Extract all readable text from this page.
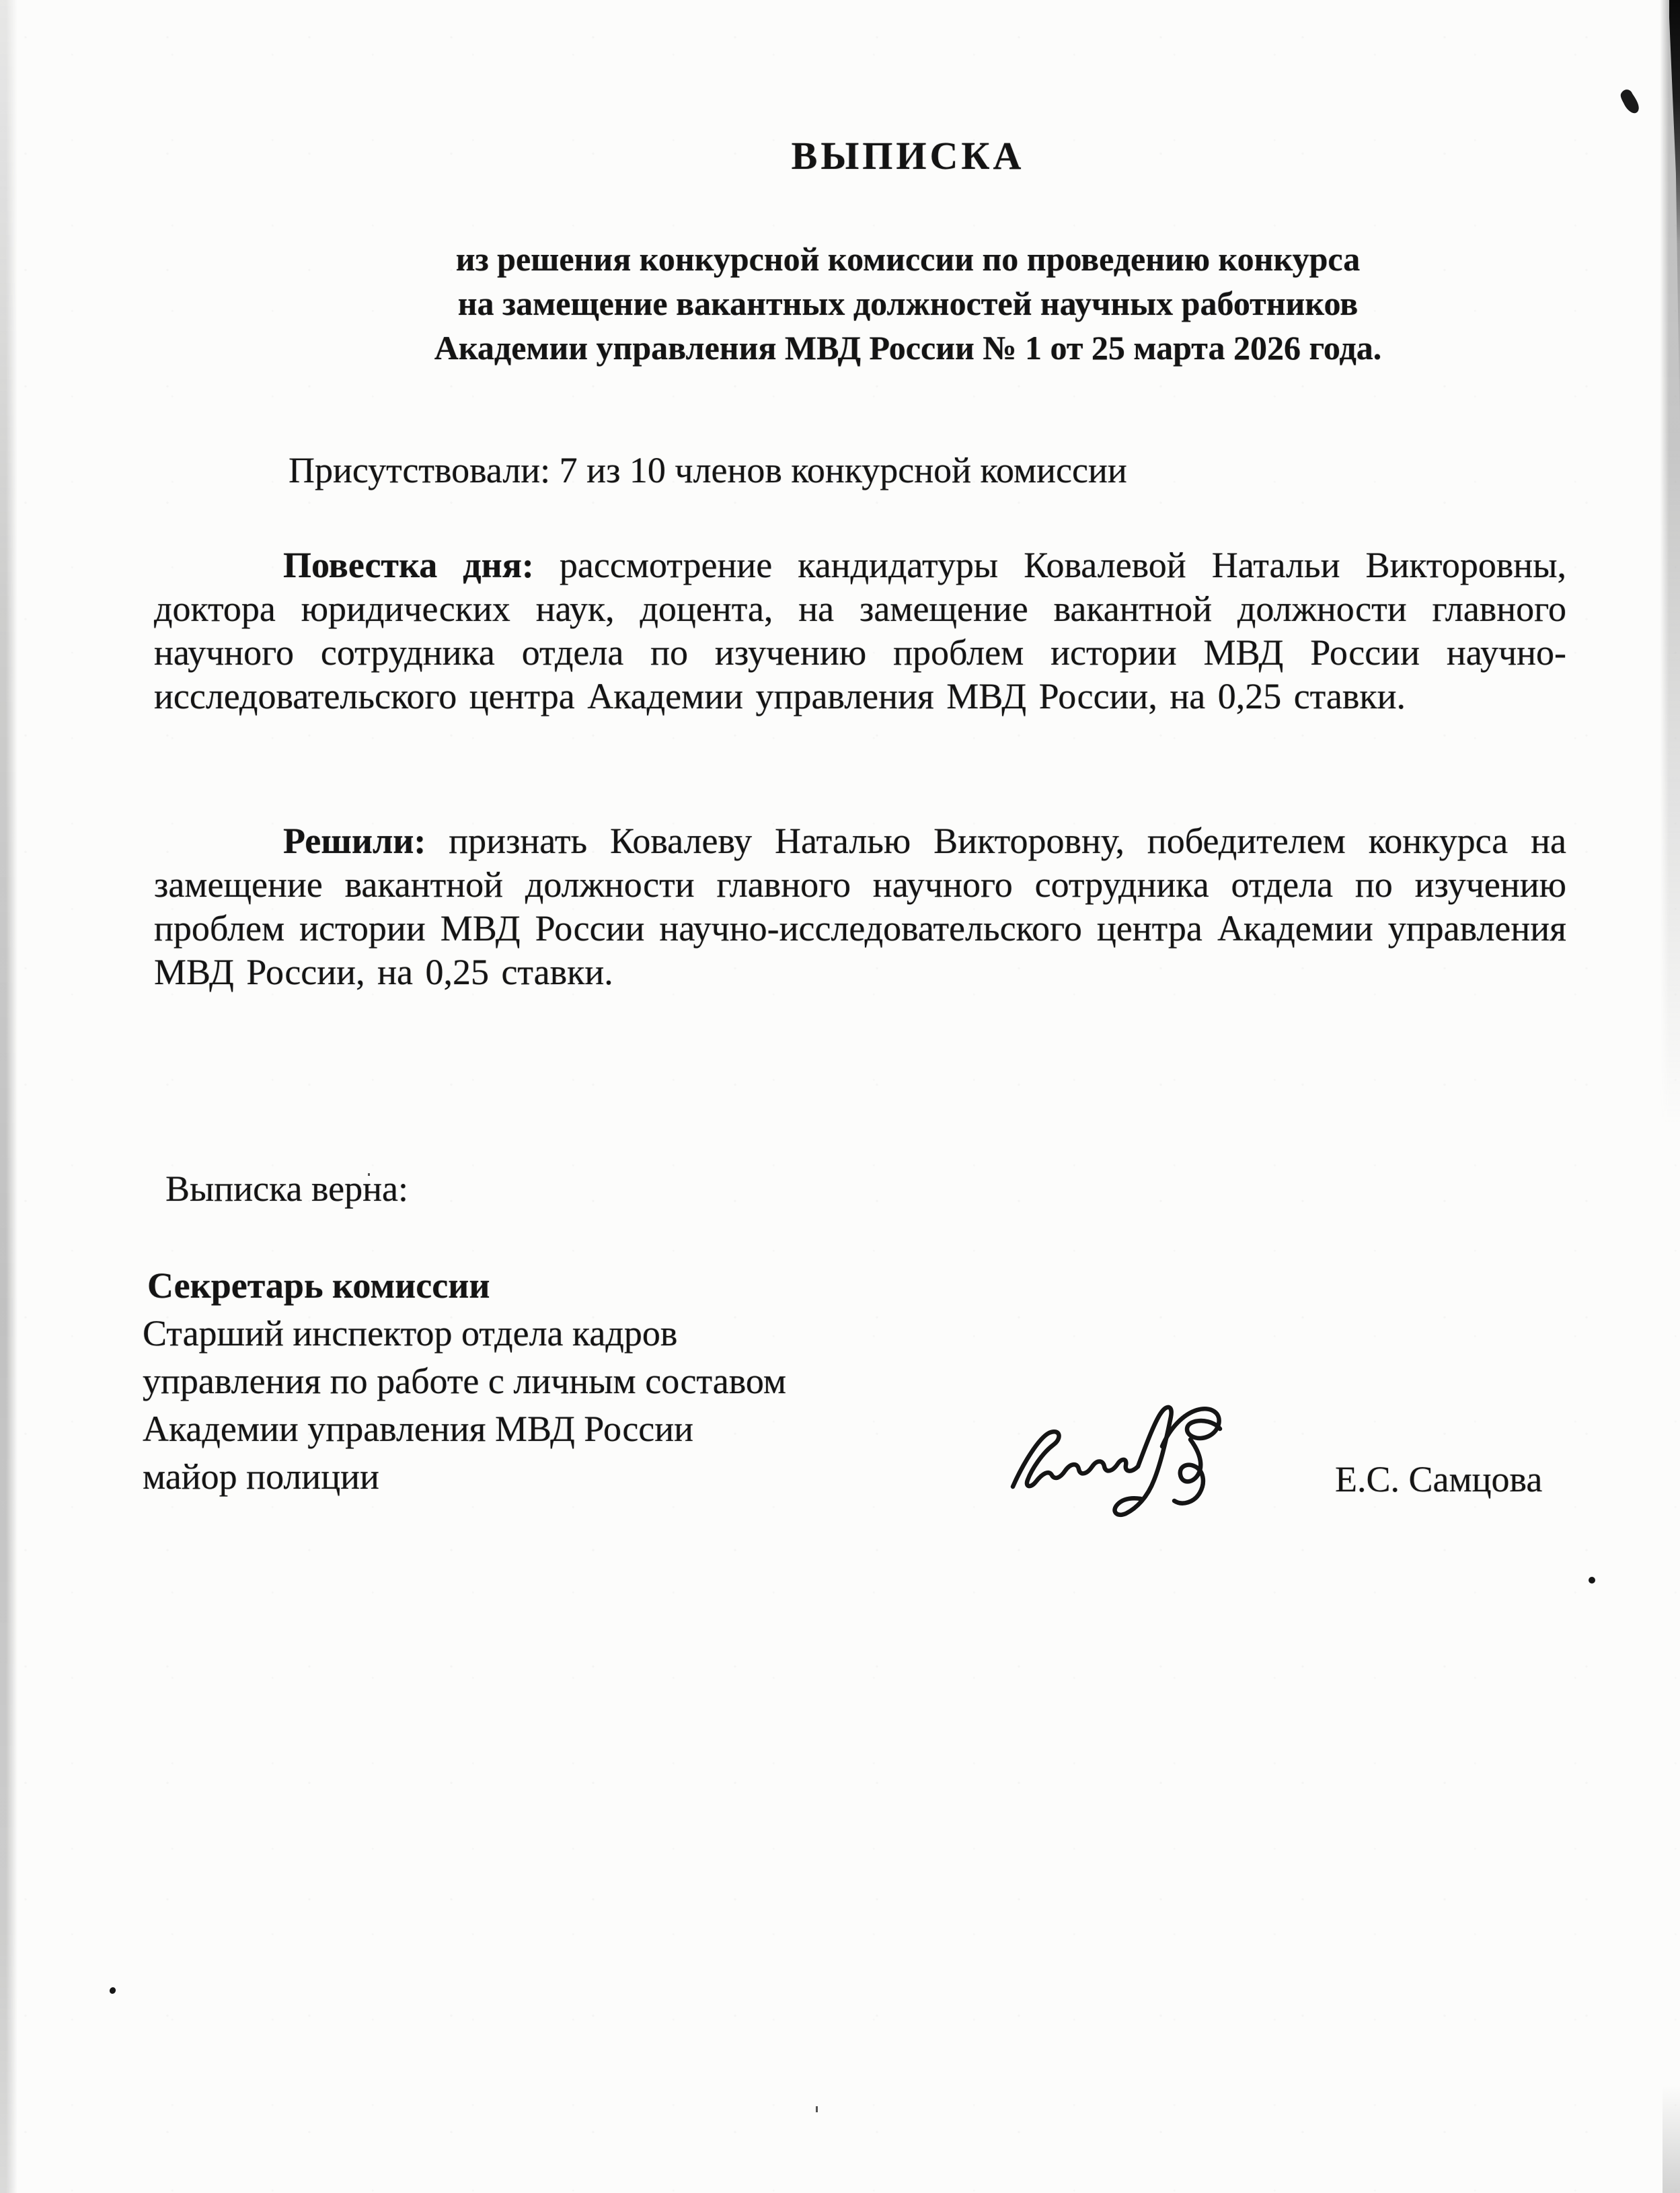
ВЫПИСКА
из решения конкурсной комиссии по проведению конкурса
на замещение вакантных должностей научных работников
Академии управления МВД России № 1 от 25 марта 2026 года.

Присутствовали: 7 из 10 членов конкурсной комиссии

Повестка дня: рассмотрение кандидатуры Ковалевой Натальи Викторовны, доктора юридических наук, доцента, на замещение вакантной должности главного научного сотрудника отдела по изучению проблем истории МВД России научно-исследовательского центра Академии управления МВД России, на 0,25 ставки.

Решили: признать Ковалеву Наталью Викторовну, победителем конкурса на замещение вакантной должности главного научного сотрудника отдела по изучению проблем истории МВД России научно-исследовательского центра Академии управления МВД России, на 0,25 ставки.

Выписка верна:

Секретарь комиссии
Старший инспектор отдела кадров
управления по работе с личным составом
Академии управления МВД России
майор полиции	Е.С. Самцова
